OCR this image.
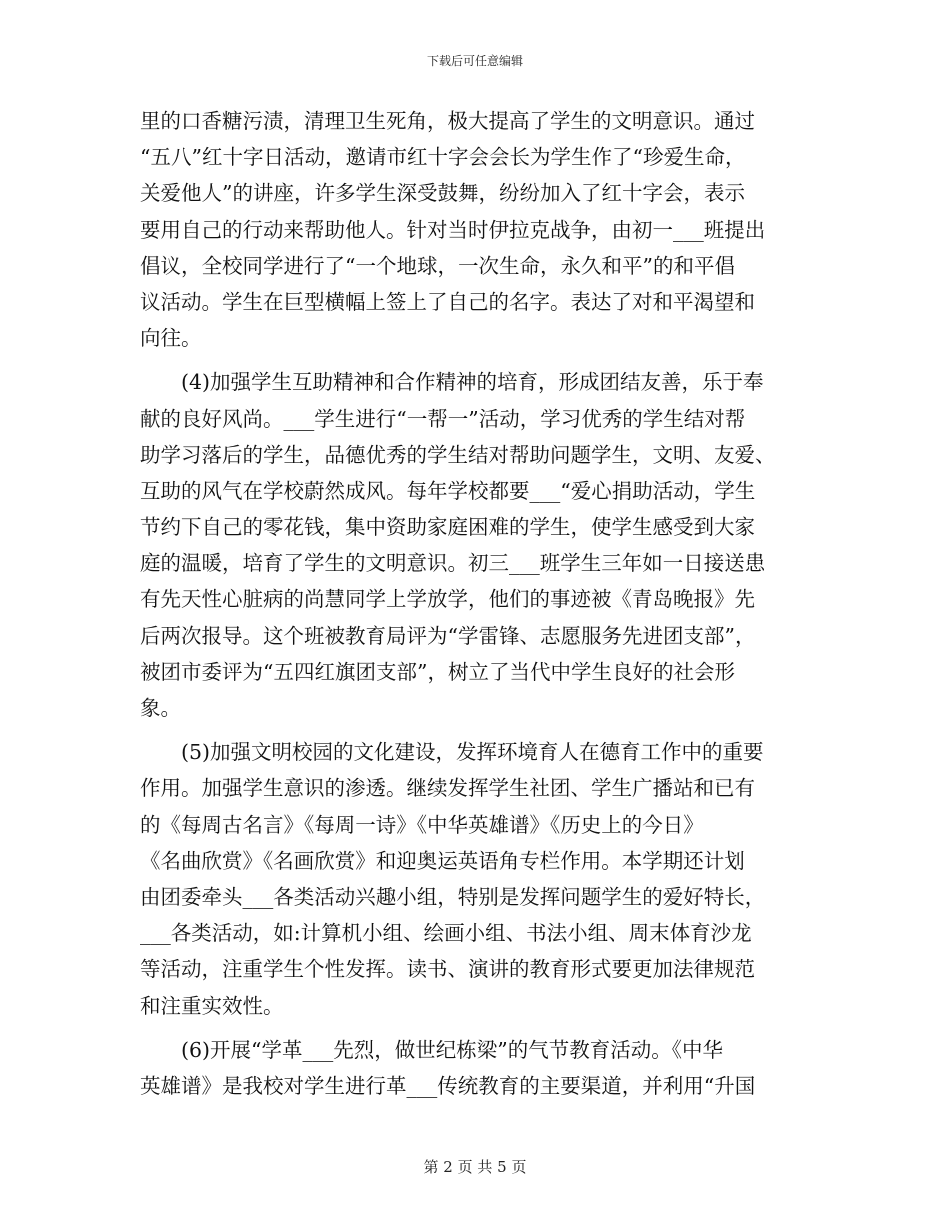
下载后可任意编辑
里的口香糖污渍，清理卫生死角，极大提高了学生的文明意识。通过
“五八”红十字日活动，邀请市红十字会会长为学生作了“珍爱生命，
关爱他人”的讲座，许多学生深受鼓舞，纷纷加入了红十字会，表示
要用自己的行动来帮助他人。针对当时伊拉克战争，由初一___班提出
倡议，全校同学进行了“一个地球，一次生命，永久和平”的和平倡
议活动。学生在巨型横幅上签上了自己的名字。表达了对和平渴望和
向往。
(4)加强学生互助精神和合作精神的培育，形成团结友善，乐于奉
献的良好风尚。___学生进行“一帮一”活动，学习优秀的学生结对帮
助学习落后的学生，品德优秀的学生结对帮助问题学生，文明、友爱、
互助的风气在学校蔚然成风。每年学校都要___“爱心捐助活动，学生
节约下自己的零花钱，集中资助家庭困难的学生，使学生感受到大家
庭的温暖，培育了学生的文明意识。初三___班学生三年如一日接送患
有先天性心脏病的尚慧同学上学放学，他们的事迹被《青岛晚报》先
后两次报导。这个班被教育局评为“学雷锋、志愿服务先进团支部”，
被团市委评为“五四红旗团支部”，树立了当代中学生良好的社会形
象。
(5)加强文明校园的文化建设，发挥环境育人在德育工作中的重要
作用。加强学生意识的渗透。继续发挥学生社团、学生广播站和已有
的《每周古名言》《每周一诗》《中华英雄谱》《历史上的今日》
《名曲欣赏》《名画欣赏》和迎奥运英语角专栏作用。本学期还计划
由团委牵头___各类活动兴趣小组，特别是发挥问题学生的爱好特长，
___各类活动，如:计算机小组、绘画小组、书法小组、周末体育沙龙
等活动，注重学生个性发挥。读书、演讲的教育形式要更加法律规范
和注重实效性。
(6)开展“学革___先烈，做世纪栋梁”的气节教育活动。《中华
英雄谱》是我校对学生进行革___传统教育的主要渠道，并利用“升国
第 2 页 共 5 页
